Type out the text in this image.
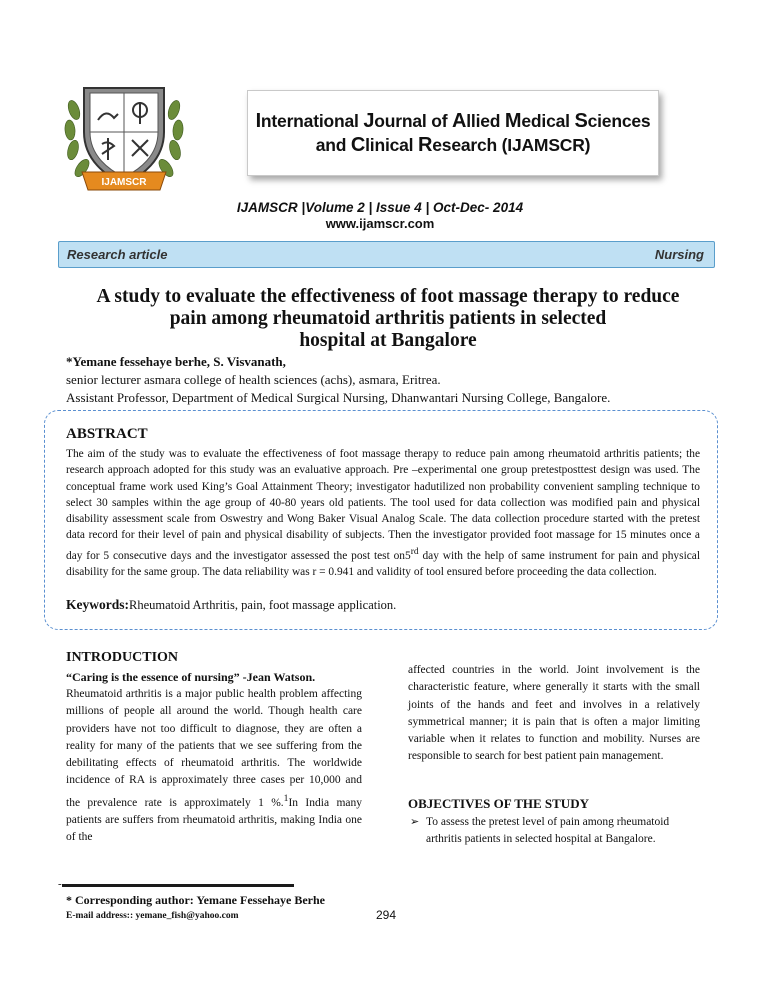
IJAMSCR
International Journal of Allied Medical Sciences
and Clinical Research (IJAMSCR)
IJAMSCR |Volume 2 | Issue 4 | Oct-Dec- 2014
www.ijamscr.com
Research article	Nursing
A study to evaluate the effectiveness of foot massage therapy to reduce
pain among rheumatoid arthritis patients in selected
hospital at Bangalore
*Yemane fessehaye berhe, S. Visvanath,
senior lecturer asmara college of health sciences (achs), asmara, Eritrea.
Assistant Professor, Department of Medical Surgical Nursing, Dhanwantari Nursing College, Bangalore.
ABSTRACT
The aim of the study was to evaluate the effectiveness of foot massage therapy to reduce pain among rheumatoid arthritis patients; the research approach adopted for this study was an evaluative approach. Pre –experimental one group pretestposttest design was used. The conceptual frame work used King’s Goal Attainment Theory; investigator hadutilized non probability convenient sampling technique to select 30 samples within the age group of 40-80 years old patients. The tool used for data collection was modified pain and physical disability assessment scale from Oswestry and Wong Baker Visual Analog Scale. The data collection procedure started with the pretest data record for their level of pain and physical disability of subjects. Then the investigator provided foot massage for 15 minutes once a day for 5 consecutive days and the investigator assessed the post test on5rd day with the help of same instrument for pain and physical disability for the same group. The data reliability was r = 0.941 and validity of tool ensured before proceeding the data collection.
Keywords:Rheumatoid Arthritis, pain, foot massage application.
INTRODUCTION
“Caring is the essence of nursing” -Jean Watson.
Rheumatoid arthritis is a major public health problem affecting millions of people all around the world. Though health care providers have not too difficult to diagnose, they are often a reality for many of the patients that we see suffering from the debilitating effects of rheumatoid arthritis. The worldwide incidence of RA is approximately three cases per 10,000 and the prevalence rate is approximately 1 %.$^1$In India many patients are suffers from rheumatoid arthritis, making India one of the
affected countries in the world. Joint involvement is the characteristic feature, where generally it starts with the small joints of the hands and feet and involves in a relatively symmetrical manner; it is pain that is often a major limiting variable when it relates to function and mobility. Nurses are responsible to search for best patient pain management.
OBJECTIVES OF THE STUDY
➢ To assess the pretest level of pain among rheumatoid arthritis patients in selected hospital at Bangalore.
‑
* Corresponding author: Yemane Fessehaye Berhe
E-mail address:: yemane_fish@yahoo.com	294
